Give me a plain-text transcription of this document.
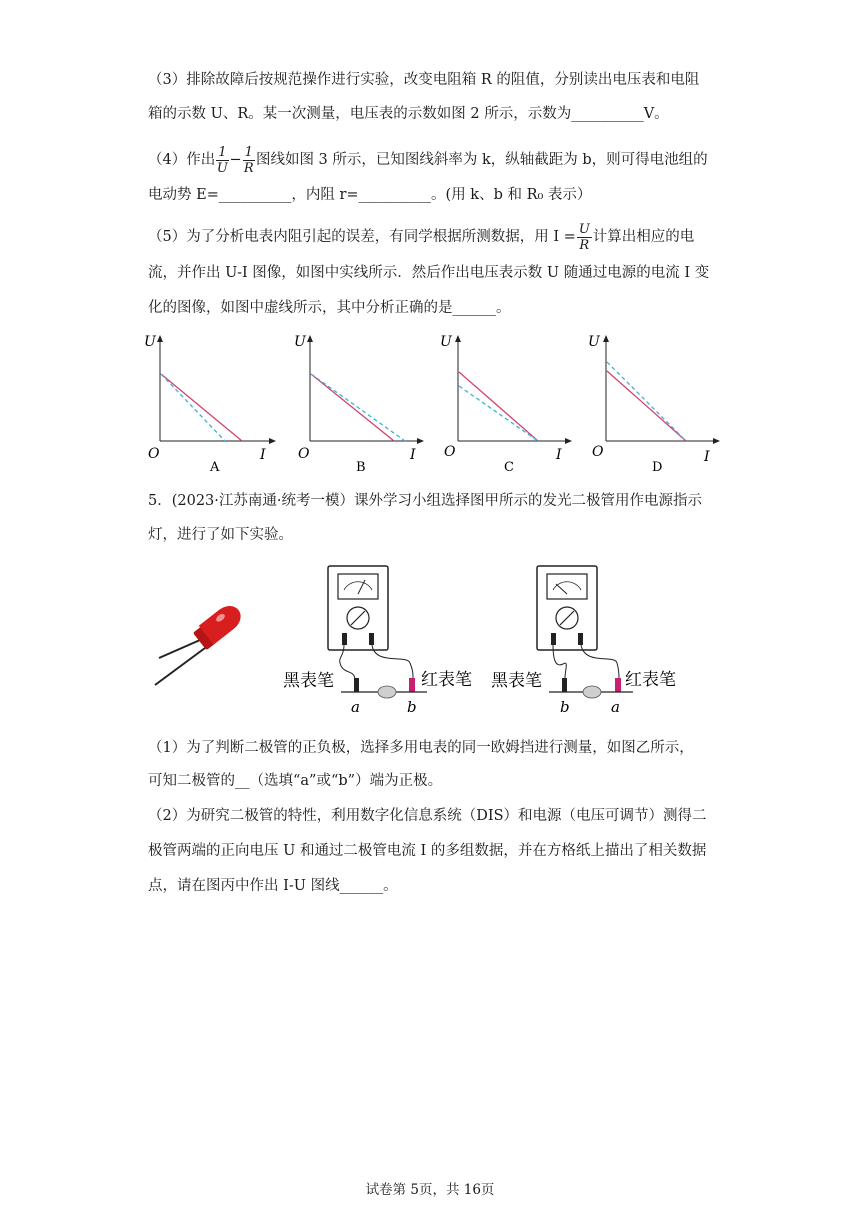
（3）排除故障后按规范操作进行实验，改变电阻箱 R 的阻值，分别读出电压表和电阻
箱的示数 U、R。某一次测量，电压表的示数如图 2 所示，示数为__________V。
（4）作出 $\frac{1}{U} - \frac{1}{R}$ 图线如图 3 所示，已知图线斜率为 k，纵轴截距为 b，则可得电池组的
电动势 E=__________，内阻 r=__________。(用 k、b 和 R₀ 表示）
（5）为了分析电表内阻引起的误差，有同学根据所测数据，用 $I = \frac{U}{R}$ 计算出相应的电
流，并作出 U-I 图像，如图中实线所示．然后作出电压表示数 U 随通过电源的电流 I 变
化的图像，如图中虚线所示，其中分析正确的是______。
U
I
O
A
U
I
O
B
U
I
O
C
U
I
O
D
5．(2023·江苏南通·统考一模）课外学习小组选择图甲所示的发光二极管用作电源指示
灯，进行了如下实验。
黑表笔	红表笔
a	b
黑表笔	红表笔
b	a
（1）为了判断二极管的正负极，选择多用电表的同一欧姆挡进行测量，如图乙所示，
可知二极管的__（选填“a”或“b”）端为正极。
（2）为研究二极管的特性，利用数字化信息系统（DIS）和电源（电压可调节）测得二
极管两端的正向电压 U 和通过二极管电流 I 的多组数据，并在方格纸上描出了相关数据
点，请在图丙中作出 I-U 图线______。
试卷第 5页，共 16页
